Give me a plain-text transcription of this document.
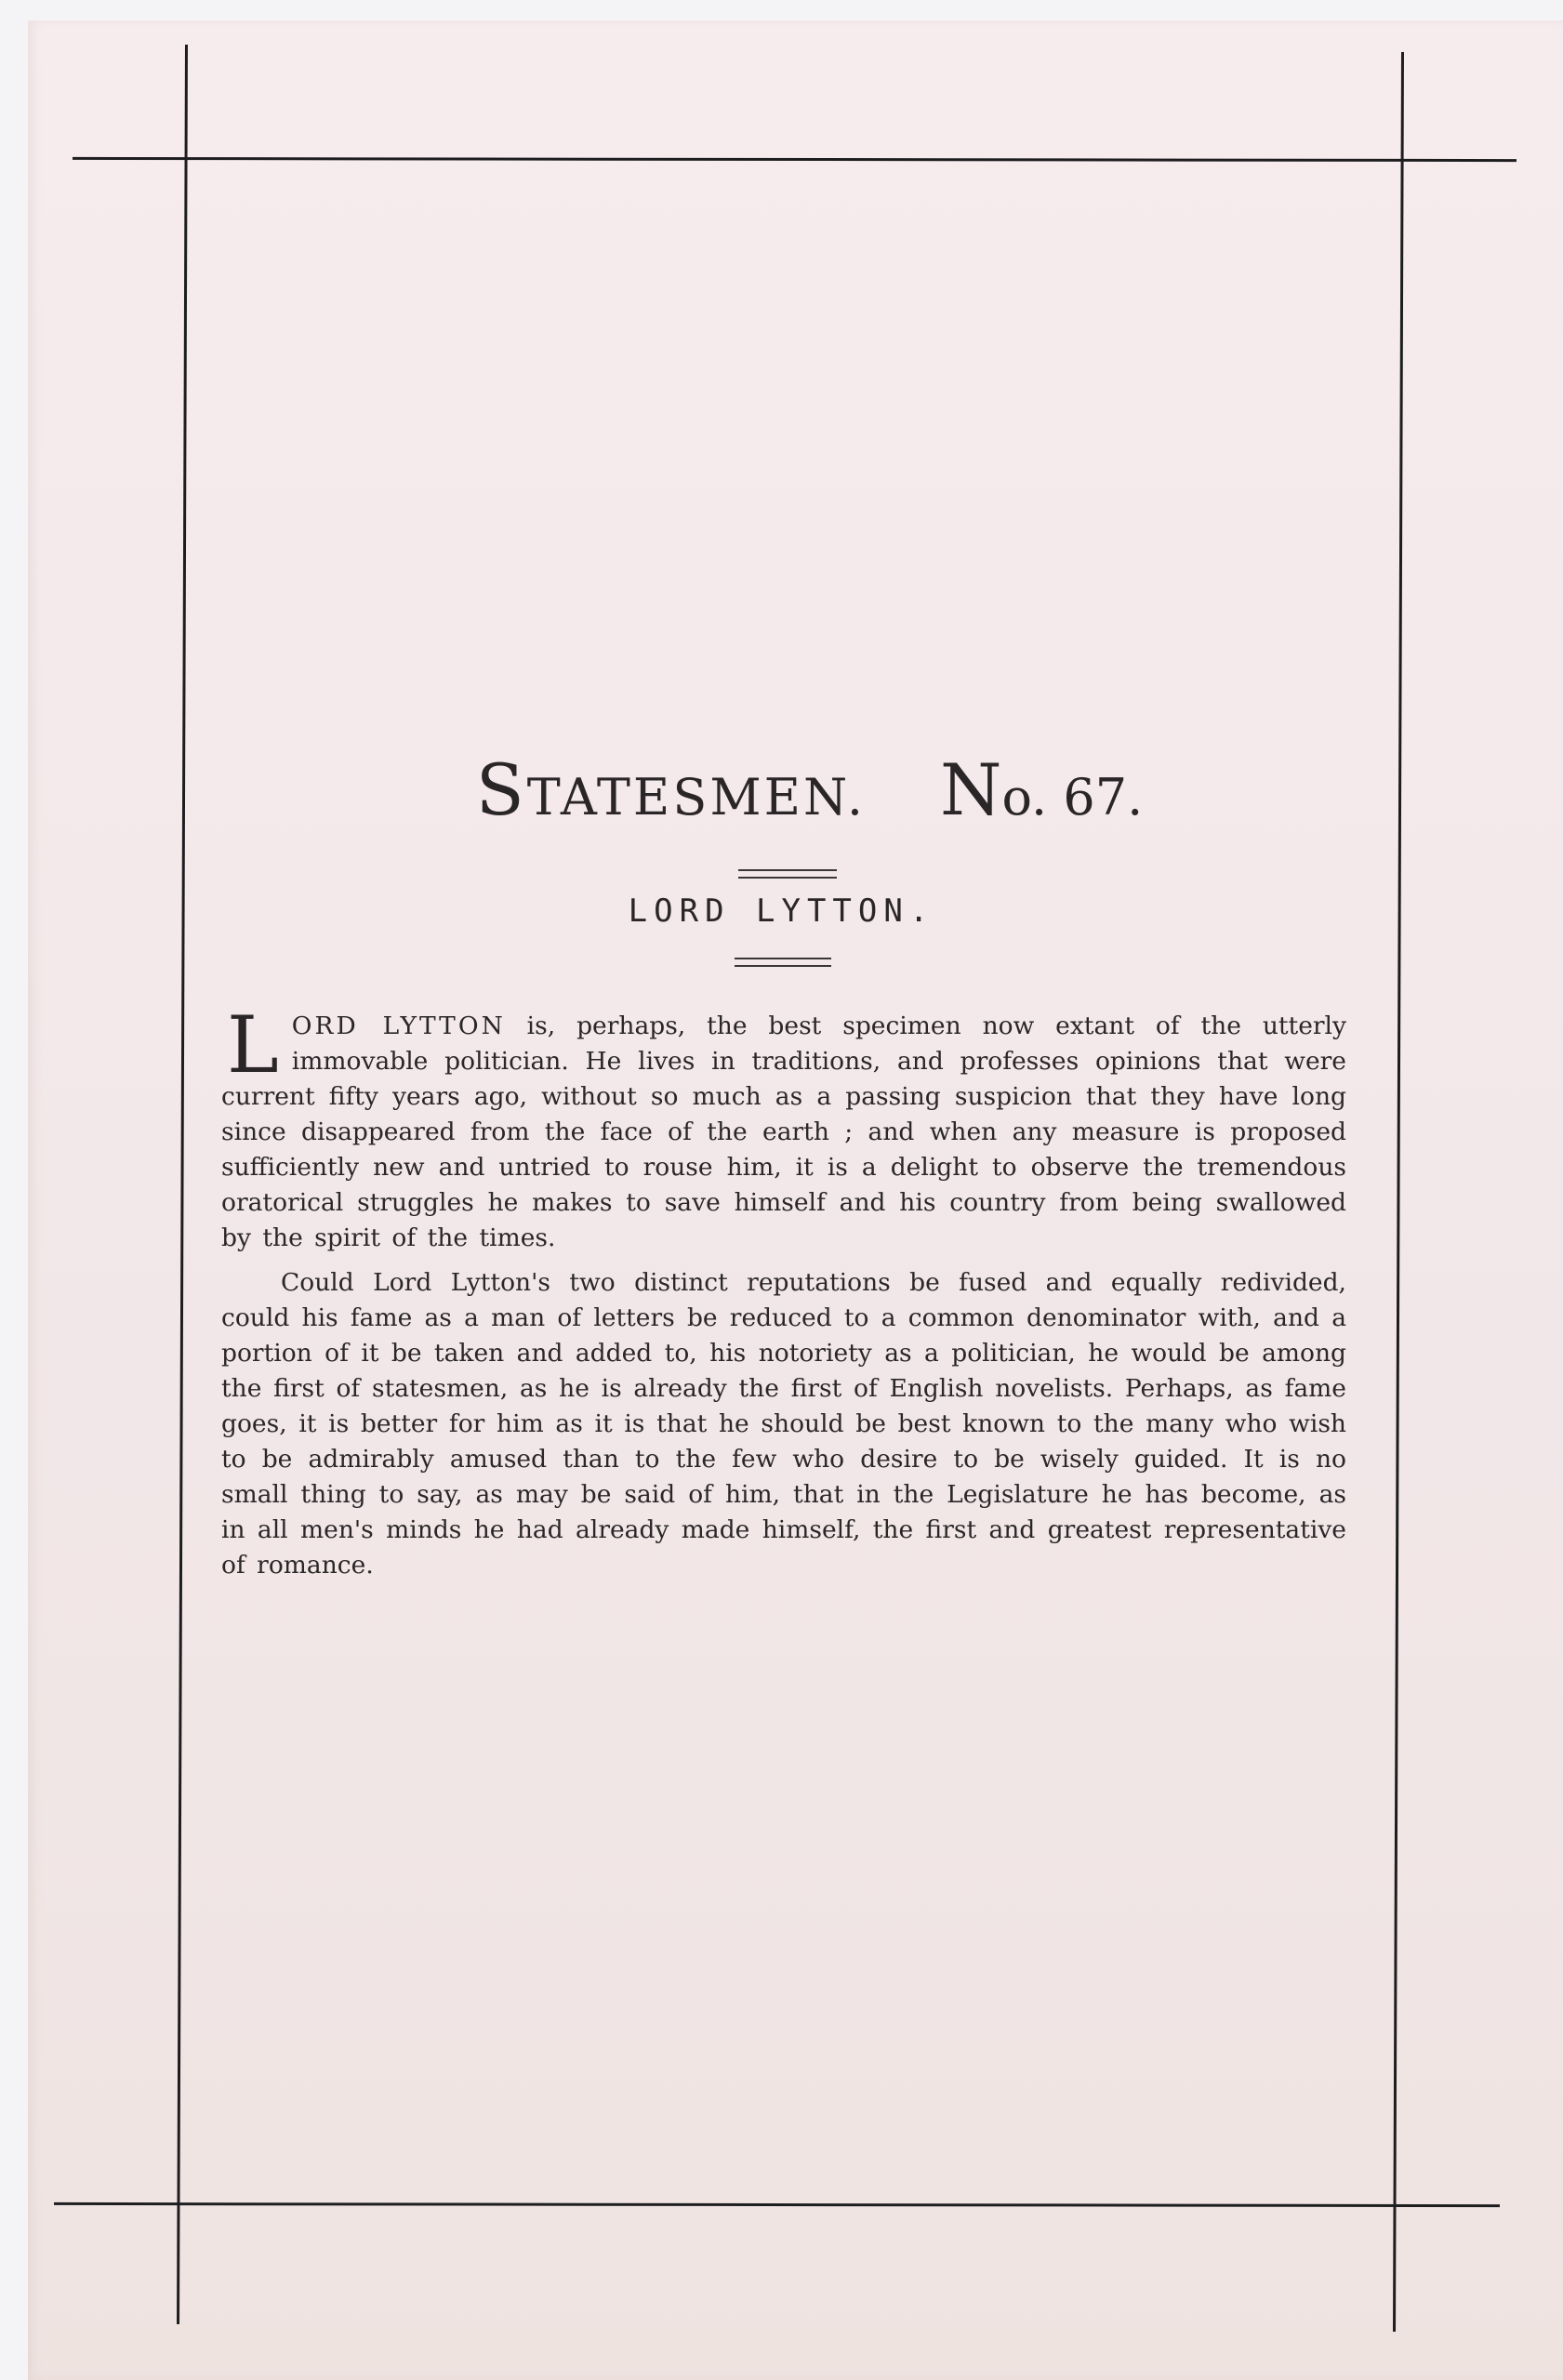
STATESMEN. No. 67.
LORD LYTTON.

LORD LYTTON is, perhaps, the best specimen now extant of the utterly immovable politician. He lives in traditions, and professes opinions that were current fifty years ago, without so much as a passing suspicion that they have long since disappeared from the face of the earth ; and when any measure is proposed sufficiently new and untried to rouse him, it is a delight to observe the tremendous oratorical struggles he makes to save himself and his country from being swallowed by the spirit of the times.

Could Lord Lytton's two distinct reputations be fused and equally redivided, could his fame as a man of letters be reduced to a common denominator with, and a portion of it be taken and added to, his notoriety as a politician, he would be among the first of statesmen, as he is already the first of English novelists. Perhaps, as fame goes, it is better for him as it is that he should be best known to the many who wish to be admirably amused than to the few who desire to be wisely guided. It is no small thing to say, as may be said of him, that in the Legislature he has become, as in all men's minds he had already made himself, the first and greatest representative of romance.
